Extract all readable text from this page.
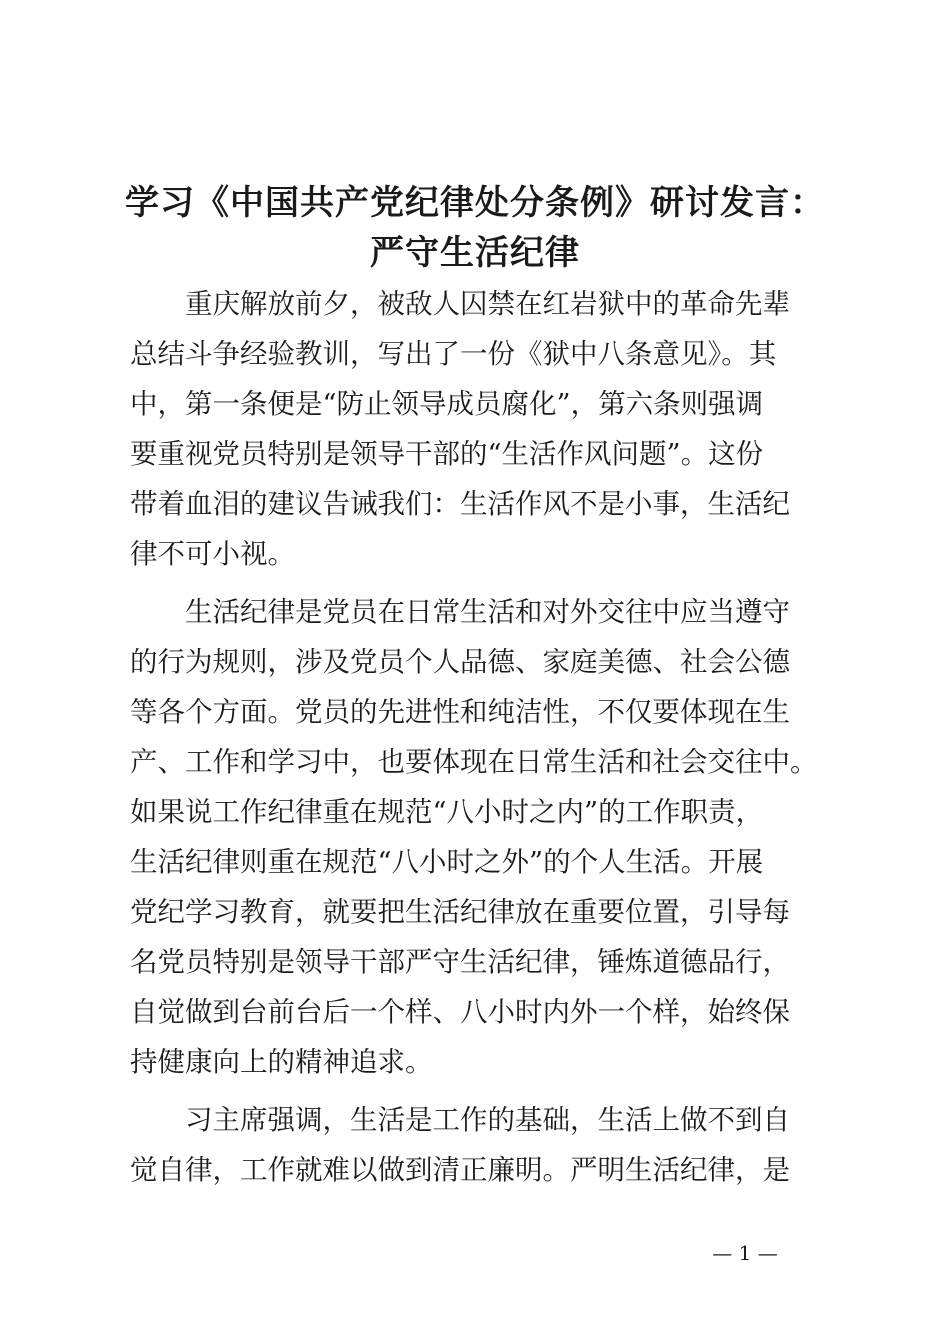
学习《中国共产党纪律处分条例》研讨发言：
严守生活纪律
重庆解放前夕，被敌人囚禁在红岩狱中的革命先辈
总结斗争经验教训，写出了一份《狱中八条意见》。其
中，第一条便是“防止领导成员腐化”，第六条则强调
要重视党员特别是领导干部的“生活作风问题”。这份
带着血泪的建议告诫我们：生活作风不是小事，生活纪
律不可小视。
生活纪律是党员在日常生活和对外交往中应当遵守
的行为规则，涉及党员个人品德、家庭美德、社会公德
等各个方面。党员的先进性和纯洁性，不仅要体现在生
产、工作和学习中，也要体现在日常生活和社会交往中。
如果说工作纪律重在规范“八小时之内”的工作职责，
生活纪律则重在规范“八小时之外”的个人生活。开展
党纪学习教育，就要把生活纪律放在重要位置，引导每
名党员特别是领导干部严守生活纪律，锤炼道德品行，
自觉做到台前台后一个样、八小时内外一个样，始终保
持健康向上的精神追求。
习主席强调，生活是工作的基础，生活上做不到自
觉自律，工作就难以做到清正廉明。严明生活纪律，是
— 1 —
